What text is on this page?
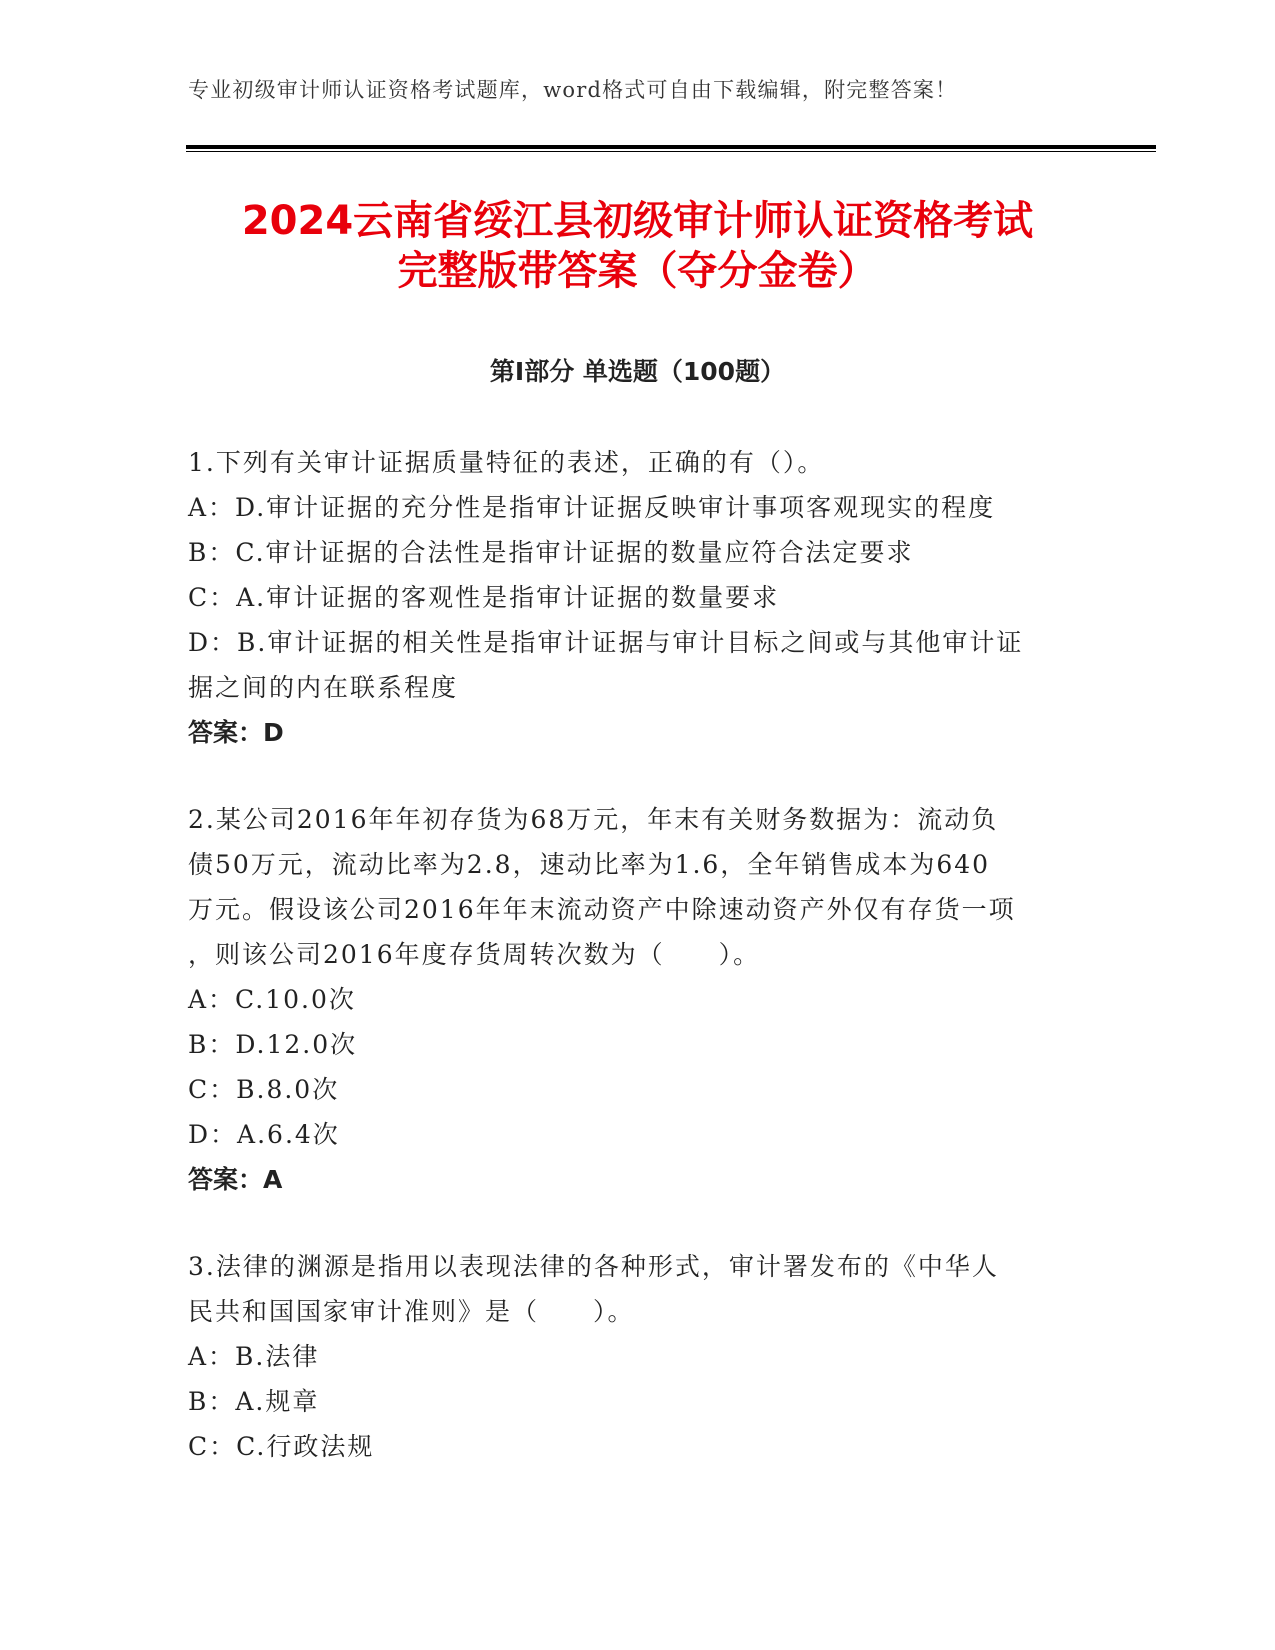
专业初级审计师认证资格考试题库，word格式可自由下载编辑，附完整答案！
2024云南省绥江县初级审计师认证资格考试
完整版带答案（夺分金卷）
第Ⅰ部分 单选题（100题）

1.下列有关审计证据质量特征的表述，正确的有（）。

A：D.审计证据的充分性是指审计证据反映审计事项客观现实的程度

B：C.审计证据的合法性是指审计证据的数量应符合法定要求

C：A.审计证据的客观性是指审计证据的数量要求

D：B.审计证据的相关性是指审计证据与审计目标之间或与其他审计证

据之间的内在联系程度

答案：D

2.某公司2016年年初存货为68万元，年末有关财务数据为：流动负

债50万元，流动比率为2.8，速动比率为1.6，全年销售成本为640

万元。假设该公司2016年年末流动资产中除速动资产外仅有存货一项

，则该公司2016年度存货周转次数为（　　）。

A：C.10.0次

B：D.12.0次

C：B.8.0次

D：A.6.4次

答案：A

3.法律的渊源是指用以表现法律的各种形式，审计署发布的《中华人

民共和国国家审计准则》是（　　）。

A：B.法律

B：A.规章

C：C.行政法规
